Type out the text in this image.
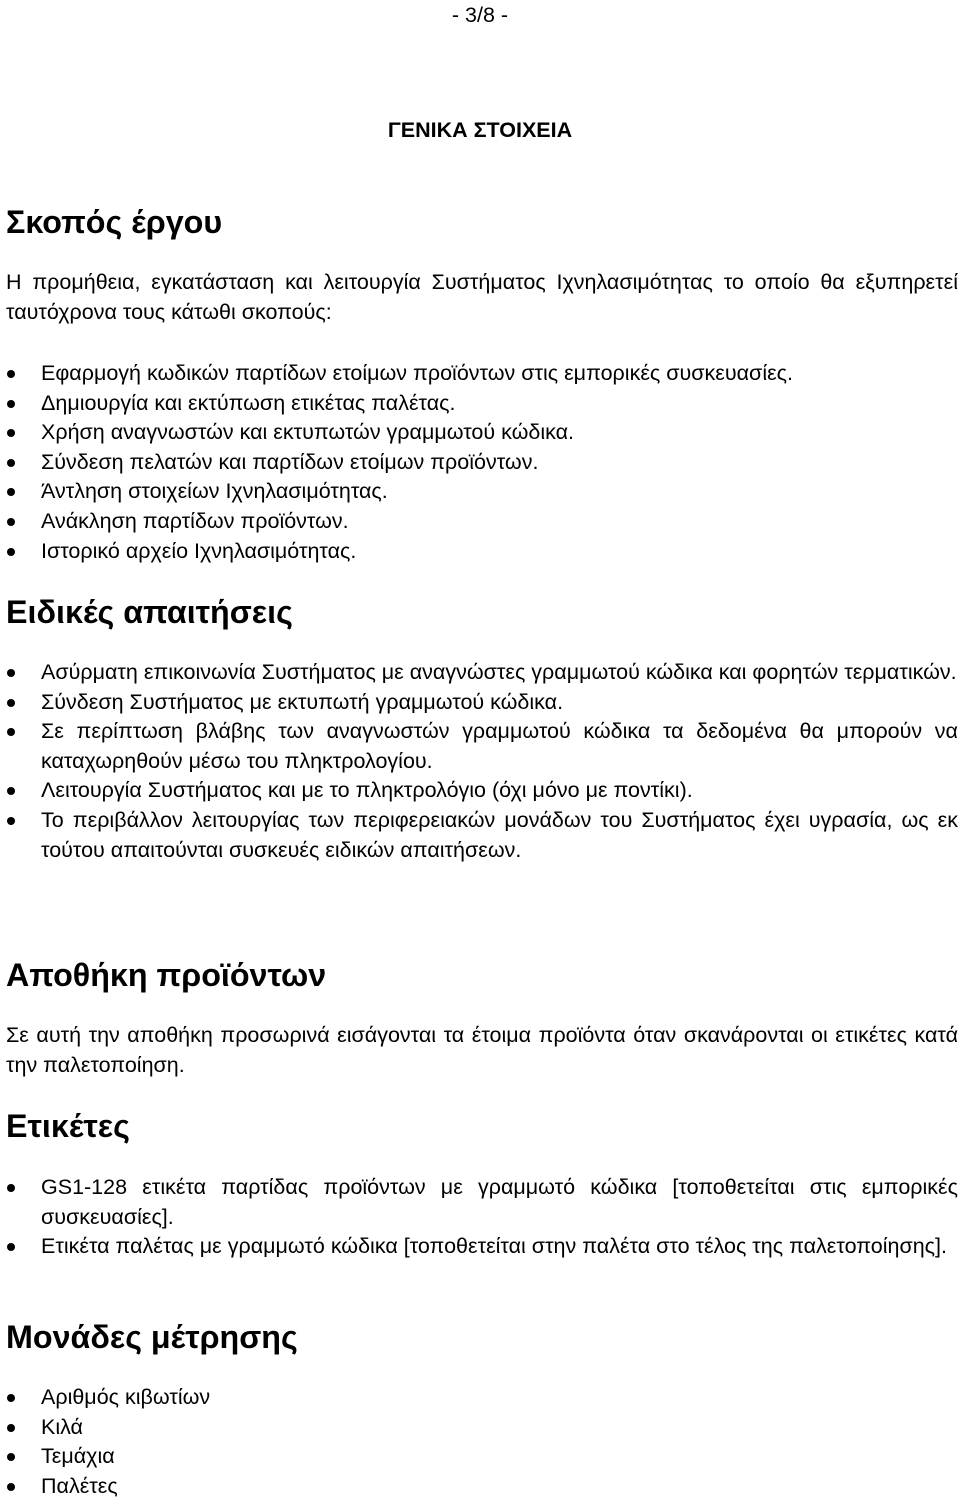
- 3/8 -
ΓΕΝΙΚΑ ΣΤΟΙΧΕΙΑ
Σκοπός έργου

Η προμήθεια, εγκατάσταση και λειτουργία Συστήματος Ιχνηλασιμότητας το οποίο θα εξυπηρετεί ταυτόχρονα τους κάτωθι σκοπούς:

Εφαρμογή κωδικών παρτίδων ετοίμων προϊόντων στις εμπορικές συσκευασίες.
Δημιουργία και εκτύπωση ετικέτας παλέτας.
Χρήση αναγνωστών και εκτυπωτών γραμμωτού κώδικα.
Σύνδεση πελατών και παρτίδων ετοίμων προϊόντων.
Άντληση στοιχείων Ιχνηλασιμότητας.
Ανάκληση παρτίδων προϊόντων.
Ιστορικό αρχείο Ιχνηλασιμότητας.
Ειδικές απαιτήσεις
Ασύρματη επικοινωνία Συστήματος με αναγνώστες γραμμωτού κώδικα και φορητών τερματικών.
Σύνδεση Συστήματος με εκτυπωτή γραμμωτού κώδικα.
Σε περίπτωση βλάβης των αναγνωστών γραμμωτού κώδικα τα δεδομένα θα μπορούν να καταχωρηθούν μέσω του πληκτρολογίου.
Λειτουργία Συστήματος και με το πληκτρολόγιο (όχι μόνο με ποντίκι).
Το περιβάλλον λειτουργίας των περιφερειακών μονάδων του Συστήματος έχει υγρασία, ως εκ τούτου απαιτούνται συσκευές ειδικών απαιτήσεων.
Αποθήκη προϊόντων

Σε αυτή την αποθήκη προσωρινά εισάγονται τα έτοιμα προϊόντα όταν σκανάρονται οι ετικέτες κατά την παλετοποίηση.

Ετικέτες
GS1-128 ετικέτα παρτίδας προϊόντων με γραμμωτό κώδικα [τοποθετείται στις εμπορικές συσκευασίες].
Ετικέτα παλέτας με γραμμωτό κώδικα [τοποθετείται στην παλέτα στο τέλος της παλετοποίησης].
Μονάδες μέτρησης
Αριθμός κιβωτίων
Κιλά
Τεμάχια
Παλέτες
